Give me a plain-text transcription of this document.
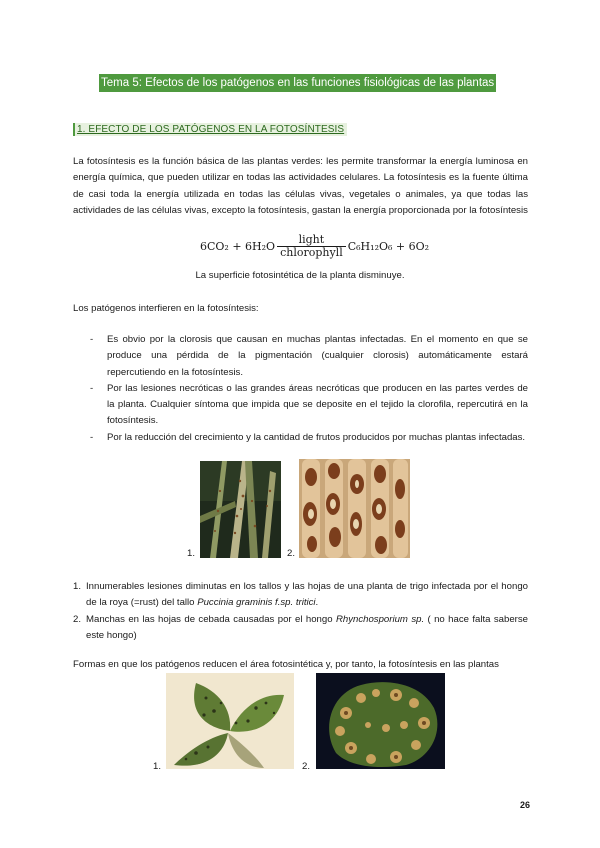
Tema 5: Efectos de los patógenos en las funciones fisiológicas de las plantas
1. EFECTO DE LOS PATÓGENOS EN LA FOTOSÍNTESIS
La fotosíntesis es la función básica de las plantas verdes: les permite transformar la energía luminosa en energía química, que pueden utilizar en todas las actividades celulares. La fotosíntesis es la fuente última de casi toda la energía utilizada en todas las células vivas, vegetales o animales, ya que todas las actividades de las células vivas, excepto la fotosíntesis, gastan la energía proporcionada por la fotosíntesis
$6CO_2 + 6H_2O \frac{\text{light}}{\text{chlorophyll}} C_6H_{12}O_6 + 6O_2$
La superficie fotosintética de la planta disminuye.
Los patógenos interfieren en la fotosíntesis:
- Es obvio por la clorosis que causan en muchas plantas infectadas. En el momento en que se produce una pérdida de la pigmentación (cualquier clorosis) automáticamente estará repercutiendo en la fotosíntesis.
- Por las lesiones necróticas o las grandes áreas necróticas que producen en las partes verdes de la planta. Cualquier síntoma que impida que se deposite en el tejido la clorofila, repercutirá en la fotosíntesis.
- Por la reducción del crecimiento y la cantidad de frutos producidos por muchas plantas infectadas.
1.	2.
1. Innumerables lesiones diminutas en los tallos y las hojas de una planta de trigo infectada por el hongo de la roya (=rust) del tallo Puccinia graminis f.sp. tritici.
2. Manchas en las hojas de cebada causadas por el hongo Rhynchosporium sp. ( no hace falta saberse este hongo)
Formas en que los patógenos reducen el área fotosintética y, por tanto, la fotosíntesis en las plantas
1.	2.
26
